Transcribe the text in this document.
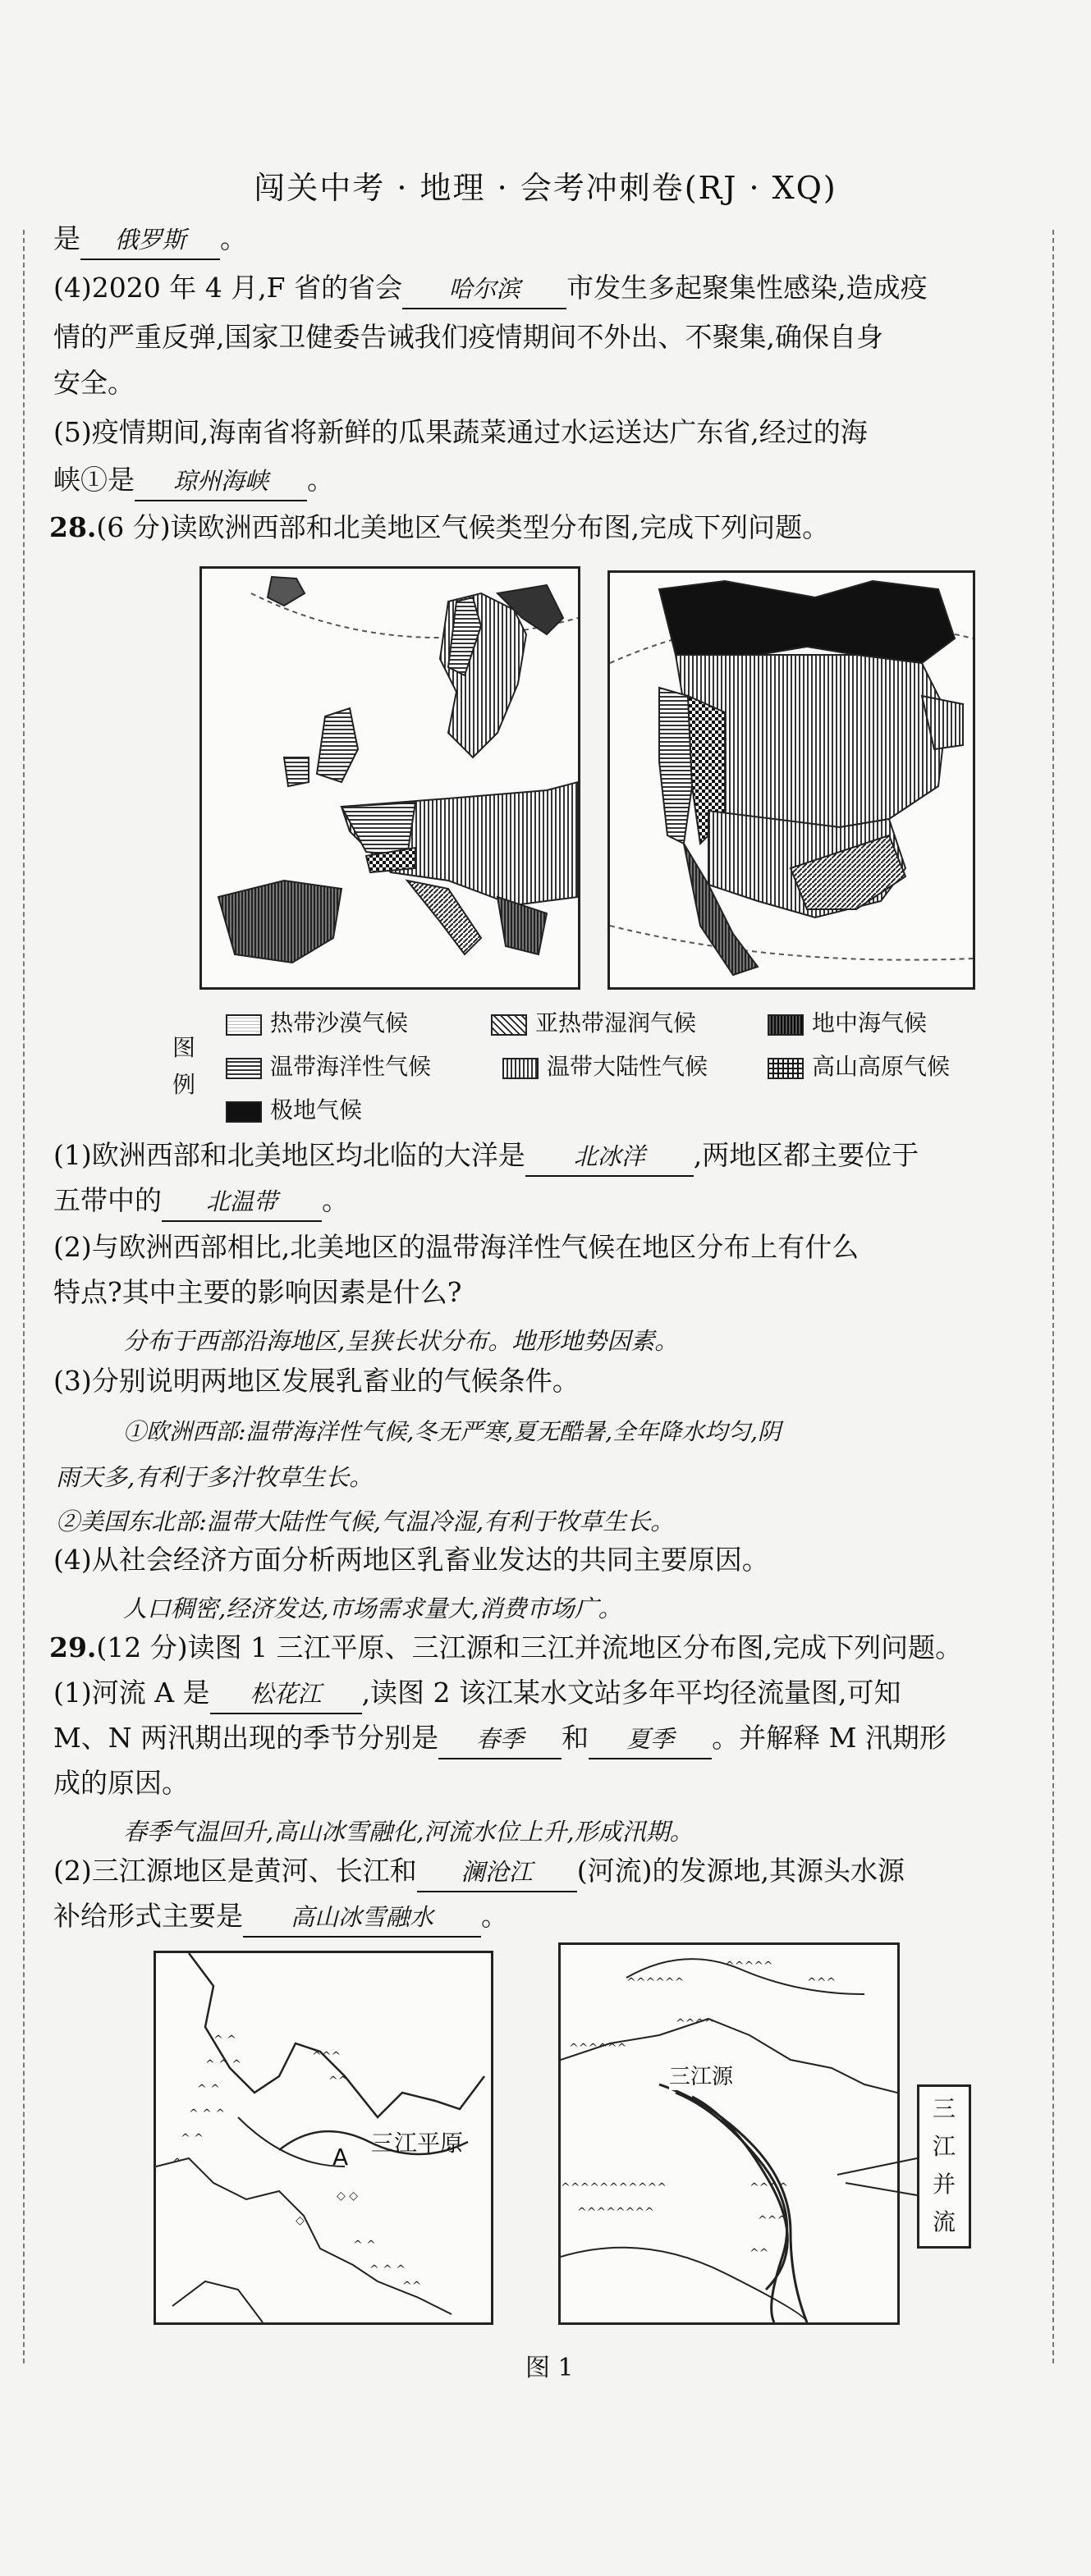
闯关中考 · 地理 · 会考冲刺卷(RJ · XQ)
是 俄罗斯 。
(4)2020 年 4 月,F 省的省会 哈尔滨 市发生多起聚集性感染,造成疫
情的严重反弹,国家卫健委告诫我们疫情期间不外出、不聚集,确保自身
安全。
(5)疫情期间,海南省将新鲜的瓜果蔬菜通过水运送达广东省,经过的海
峡①是 琼州海峡 。
28.(6 分)读欧洲西部和北美地区气候类型分布图,完成下列问题。
图
例
热带沙漠气候	亚热带湿润气候	地中海气候
温带海洋性气候	温带大陆性气候	高山高原气候
极地气候
(1)欧洲西部和北美地区均北临的大洋是 北冰洋 ,两地区都主要位于
五带中的 北温带 。
(2)与欧洲西部相比,北美地区的温带海洋性气候在地区分布上有什么
特点?其中主要的影响因素是什么?
分布于西部沿海地区,呈狭长状分布。地形地势因素。
(3)分别说明两地区发展乳畜业的气候条件。
①欧洲西部:温带海洋性气候,冬无严寒,夏无酷暑,全年降水均匀,阴
雨天多,有利于多汁牧草生长。
②美国东北部:温带大陆性气候,气温冷湿,有利于牧草生长。
(4)从社会经济方面分析两地区乳畜业发达的共同主要原因。
人口稠密,经济发达,市场需求量大,消费市场广。
29.(12 分)读图 1 三江平原、三江源和三江并流地区分布图,完成下列问题。
(1)河流 A 是 松花江 ,读图 2 该江某水文站多年平均径流量图,可知
M、N 两汛期出现的季节分别是 春季 和 夏季 。并解释 M 汛期形
成的原因。
春季气温回升,高山冰雪融化,河流水位上升,形成汛期。
(2)三江源地区是黄河、长江和 澜沧江 (河流)的发源地,其源头水源
补给形式主要是 高山冰雪融水 。
^ ^
^ ^ ^
^ ^
^ ^ ^
^ ^
^
^^^
^^
◇ ◇
◇
^ ^
^ ^ ^
^^
三江平原
A
^^^^^^
^^^^^
^^^
^^^^^^
^^^^
^^^^^^^^^^^
^^^^^^^^
^^^^
^^^
^^
三江源
三
江
并
流
图 1
